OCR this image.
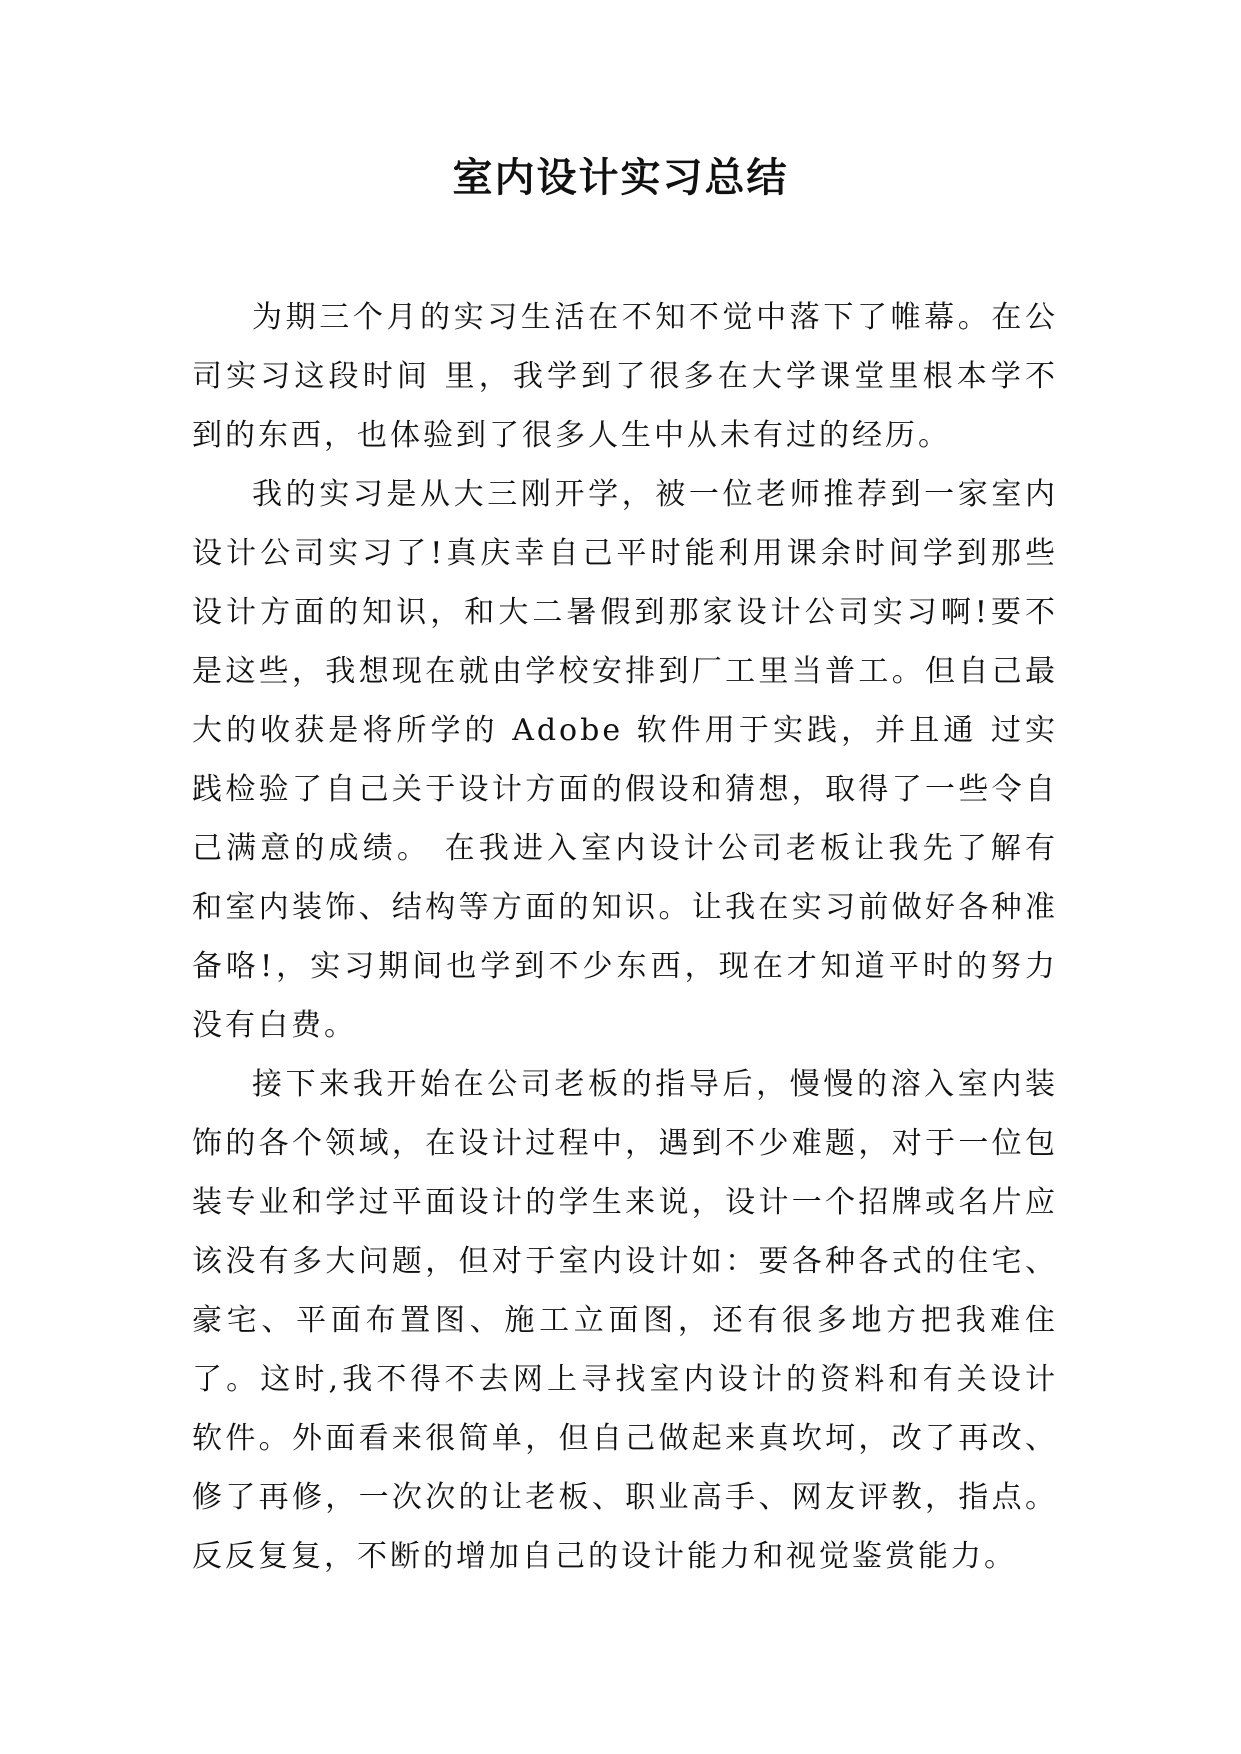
室内设计实习总结

为期三个月的实习生活在不知不觉中落下了帷幕。在公司实习这段时间 里，我学到了很多在大学课堂里根本学不到的东西，也体验到了很多人生中从未有过的经历。

我的实习是从大三刚开学，被一位老师推荐到一家室内设计公司实习了!真庆幸自己平时能利用课余时间学到那些设计方面的知识，和大二暑假到那家设计公司实习啊!要不是这些，我想现在就由学校安排到厂工里当普工。但自己最大的收获是将所学的 Adobe 软件用于实践，并且通 过实践检验了自己关于设计方面的假设和猜想，取得了一些令自己满意的成绩。 在我进入室内设计公司老板让我先了解有和室内装饰、结构等方面的知识。让我在实习前做好各种准备咯!，实习期间也学到不少东西，现在才知道平时的努力没有白费。

接下来我开始在公司老板的指导后，慢慢的溶入室内装饰的各个领域，在设计过程中，遇到不少难题，对于一位包装专业和学过平面设计的学生来说，设计一个招牌或名片应该没有多大问题，但对于室内设计如：要各种各式的住宅、豪宅、平面布置图、施工立面图，还有很多地方把我难住了。这时,我不得不去网上寻找室内设计的资料和有关设计软件。外面看来很简单，但自己做起来真坎坷，改了再改、修了再修，一次次的让老板、职业高手、网友评教，指点。反反复复，不断的增加自己的设计能力和视觉鉴赏能力。
